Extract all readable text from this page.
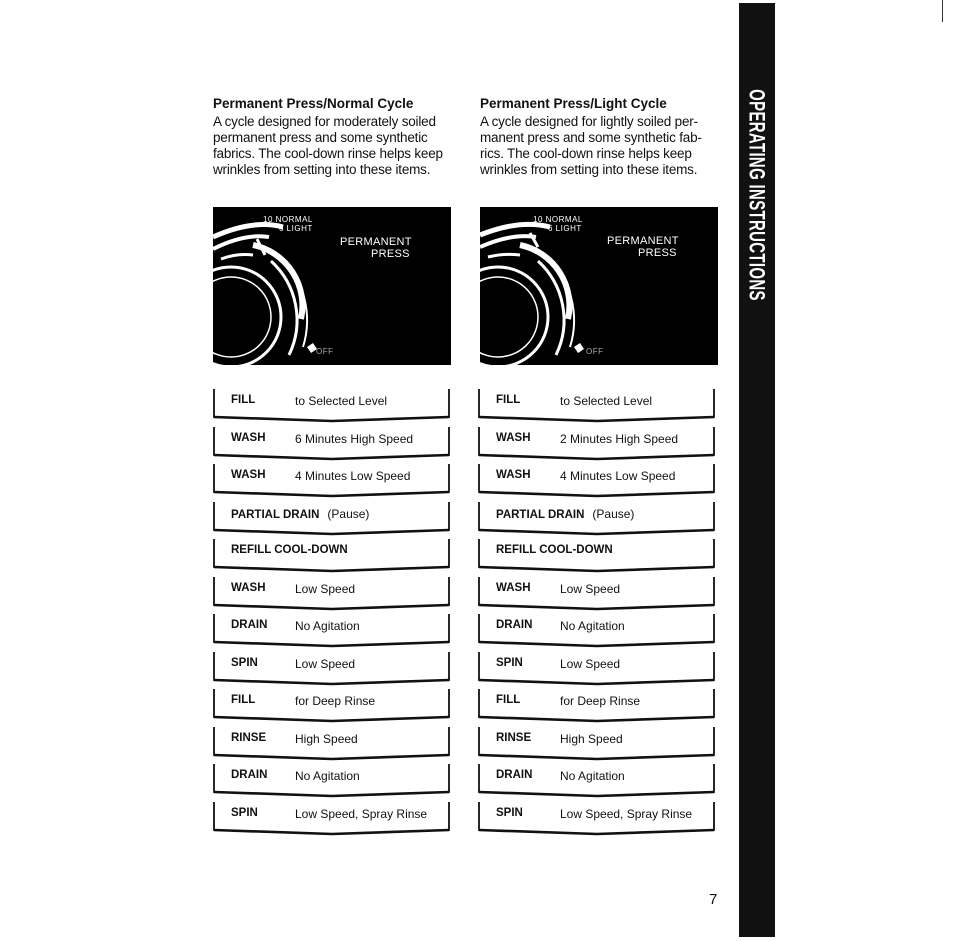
OPERATING INSTRUCTIONS
Permanent Press/Normal Cycle
A cycle designed for moderately soiled
permanent press and some synthetic
fabrics. The cool-down rinse helps keep
wrinkles from setting into these items.
10 NORMAL
6 LIGHT
PERMANENT
PRESS
OFF
FILL	to Selected Level
WASH 6 Minutes High Speed
WASH 4 Minutes Low Speed
PARTIAL DRAIN (Pause)
REFILL COOL-DOWN
WASH Low Speed
DRAIN No Agitation
SPIN	Low Speed
FILL	for Deep Rinse
RINSE High Speed
DRAIN No Agitation
SPIN	Low Speed, Spray Rinse
Permanent Press/Light Cycle
A cycle designed for lightly soiled per-
manent press and some synthetic fab-
rics. The cool-down rinse helps keep
wrinkles from setting into these items.
10 NORMAL
6 LIGHT
PERMANENT
PRESS
OFF
FILL	to Selected Level
WASH 2 Minutes High Speed
WASH 4 Minutes Low Speed
PARTIAL DRAIN (Pause)
REFILL COOL-DOWN
WASH Low Speed
DRAIN No Agitation
SPIN	Low Speed
FILL	for Deep Rinse
RINSE High Speed
DRAIN No Agitation
SPIN	Low Speed, Spray Rinse
7
